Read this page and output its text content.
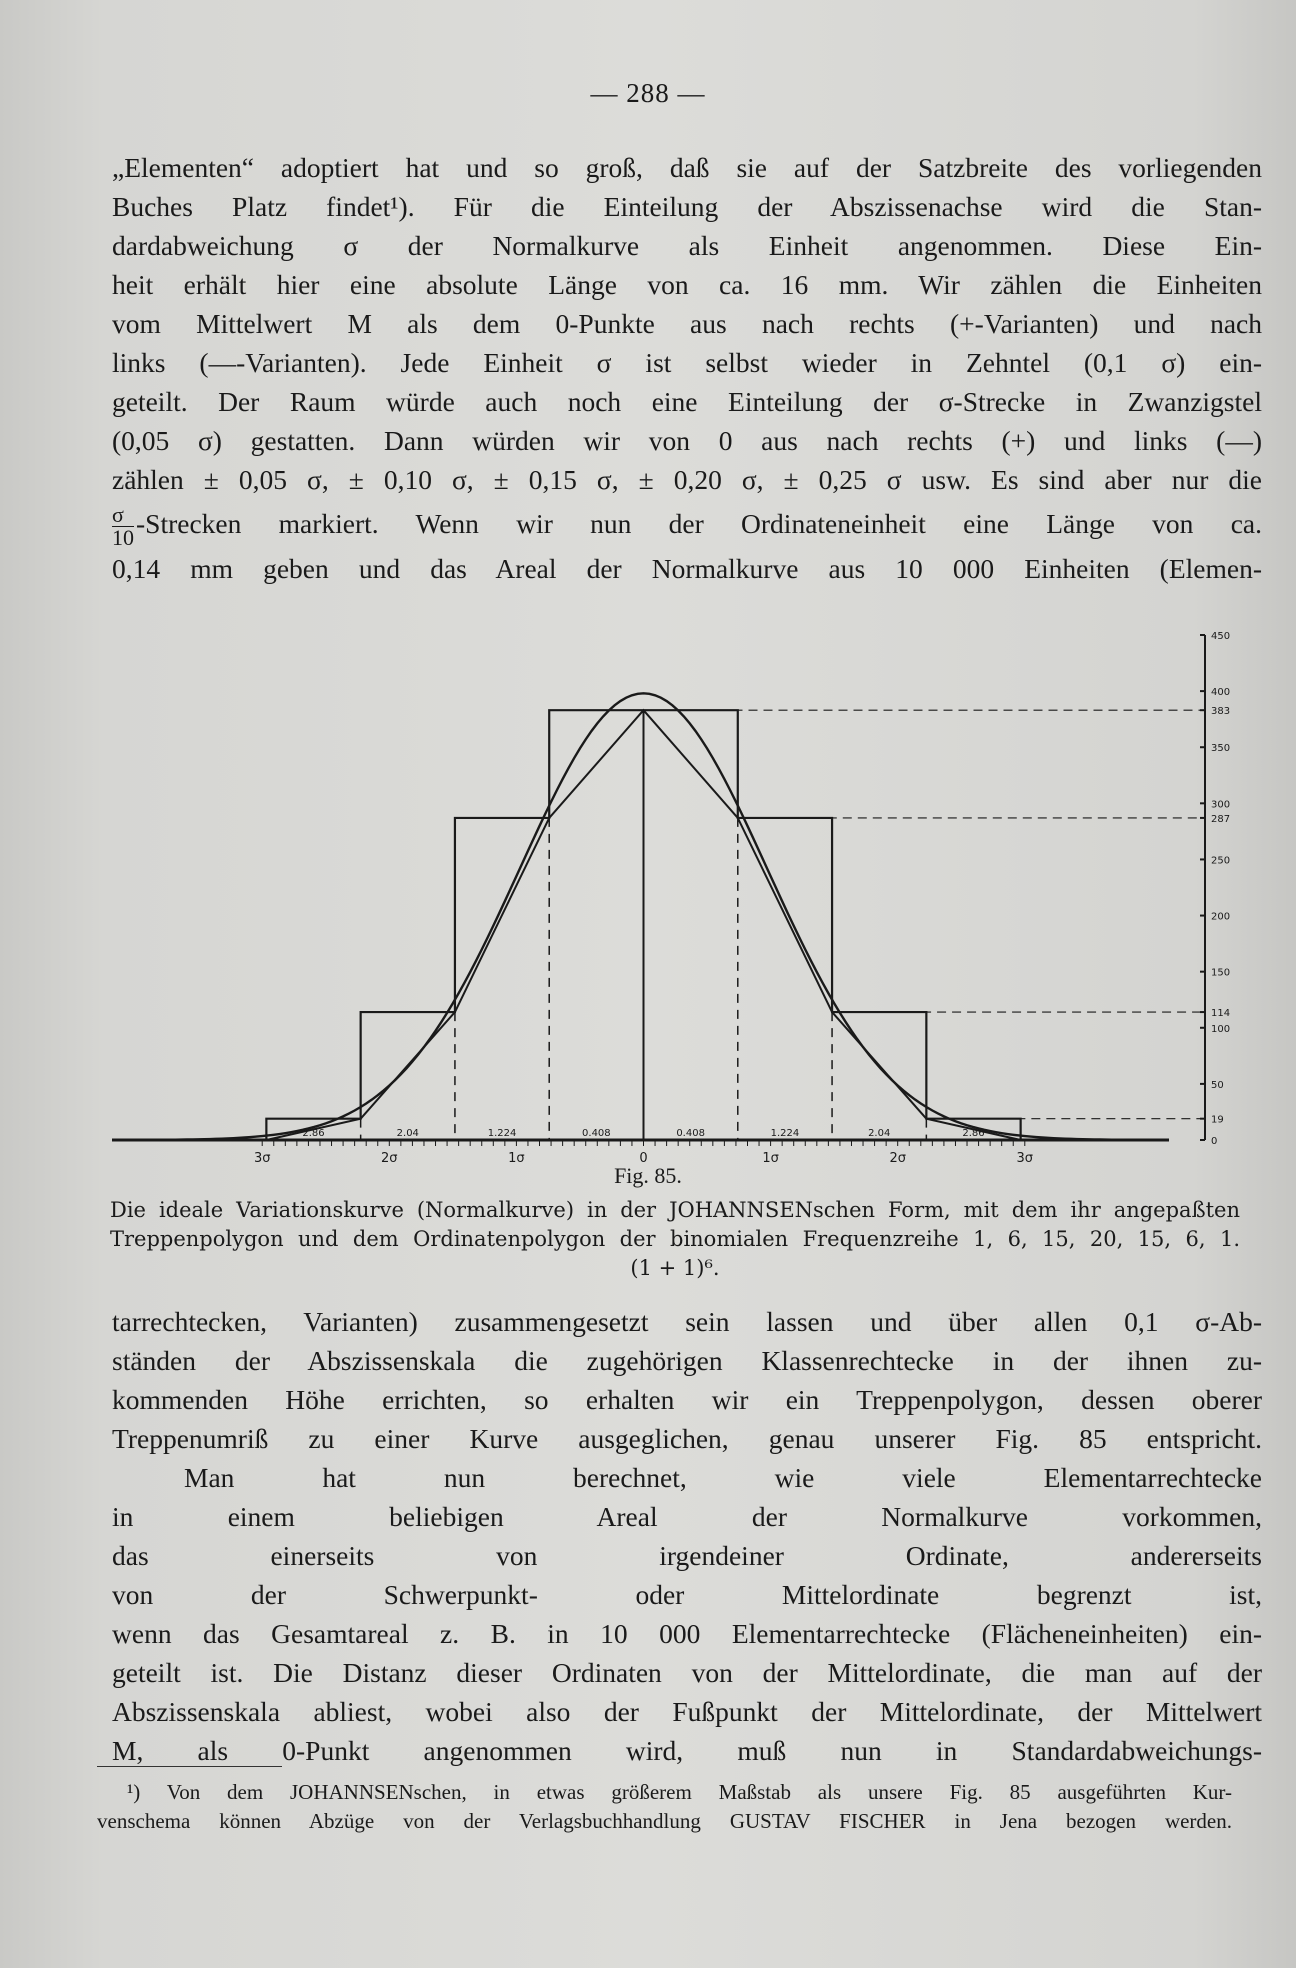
— 288 —
„Elementen“ adoptiert hat und so groß, daß sie auf der Satzbreite des vorliegenden
Buches Platz findet¹). Für die Einteilung der Abszissenachse wird die Stan-
dardabweichung σ der Normalkurve als Einheit angenommen. Diese Ein-
heit erhält hier eine absolute Länge von ca. 16 mm. Wir zählen die Einheiten
vom Mittelwert M als dem 0-Punkte aus nach rechts (+-Varianten) und nach
links (—-Varianten). Jede Einheit σ ist selbst wieder in Zehntel (0,1 σ) ein-
geteilt. Der Raum würde auch noch eine Einteilung der σ-Strecke in Zwanzigstel
(0,05 σ) gestatten. Dann würden wir von 0 aus nach rechts (+) und links (—)
zählen ± 0,05 σ, ± 0,10 σ, ± 0,15 σ, ± 0,20 σ, ± 0,25 σ usw. Es sind aber nur die
$\frac{\sigma}{10}$ -Strecken markiert. Wenn wir nun der Ordinateneinheit eine Länge von ca.
0,14 mm geben und das Areal der Normalkurve aus 10 000 Einheiten (Elemen-
450
400
383
350
300
287
250
200
150
114
100
50
19
0
3σ	2σ	1σ	0	1σ	2σ	3σ
2.86	2.04	1.224	0.408	0.408	1.224	2.04	2.86
Fig. 85.
Die ideale Variationskurve (Normalkurve) in der JOHANNSENschen Form, mit dem ihr angepaßten
Treppenpolygon und dem Ordinatenpolygon der binomialen Frequenzreihe 1, 6, 15, 20, 15, 6, 1.
(1 + 1)⁶.
tarrechtecken, Varianten) zusammengesetzt sein lassen und über allen 0,1 σ-Ab-
ständen der Abszissenskala die zugehörigen Klassenrechtecke in der ihnen zu-
kommenden Höhe errichten, so erhalten wir ein Treppenpolygon, dessen oberer
Treppenumriß zu einer Kurve ausgeglichen, genau unserer Fig. 85 entspricht.
Man hat nun berechnet, wie viele Elementarrechtecke
in einem beliebigen Areal der Normalkurve vorkommen,
das einerseits von irgendeiner Ordinate, andererseits
von der Schwerpunkt- oder Mittelordinate begrenzt ist,
wenn das Gesamtareal z. B. in 10 000 Elementarrechtecke (Flächeneinheiten) ein-
geteilt ist. Die Distanz dieser Ordinaten von der Mittelordinate, die man auf der
Abszissenskala abliest, wobei also der Fußpunkt der Mittelordinate, der Mittelwert
M, als 0-Punkt angenommen wird, muß nun in Standardabweichungs-
¹) Von dem JOHANNSENschen, in etwas größerem Maßstab als unsere Fig. 85 ausgeführten Kur-
venschema können Abzüge von der Verlagsbuchhandlung GUSTAV FISCHER in Jena bezogen werden.
